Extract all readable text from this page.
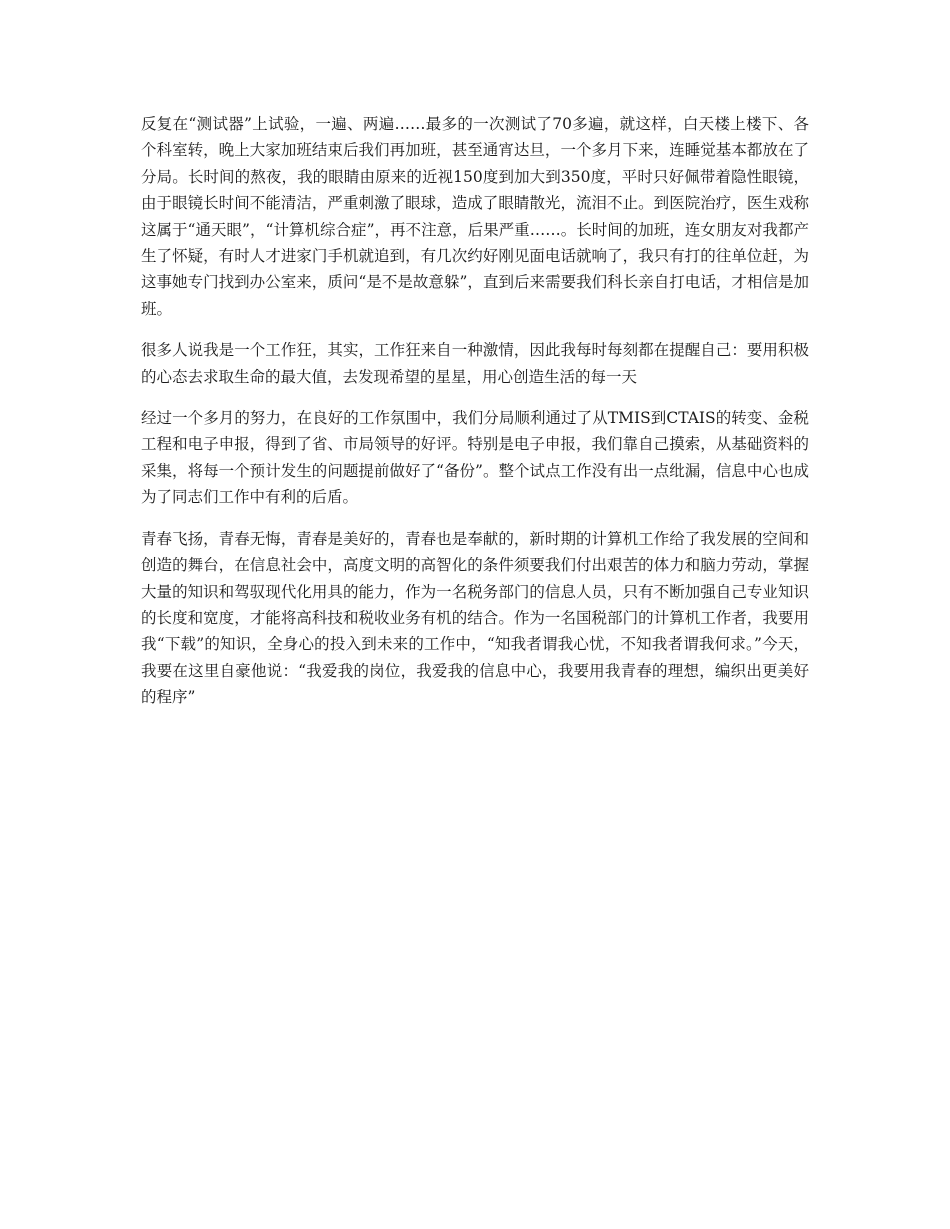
反复在“测试器”上试验，一遍、两遍……最多的一次测试了70多遍，就这样，白天楼上楼下、各个科室转，晚上大家加班结束后我们再加班，甚至通宵达旦，一个多月下来，连睡觉基本都放在了分局。长时间的熬夜，我的眼睛由原来的近视150度到加大到350度，平时只好佩带着隐性眼镜，由于眼镜长时间不能清洁，严重刺激了眼球，造成了眼睛散光，流泪不止。到医院治疗，医生戏称这属于“通天眼”，“计算机综合症”，再不注意，后果严重……。长时间的加班，连女朋友对我都产生了怀疑，有时人才进家门手机就追到，有几次约好刚见面电话就响了，我只有打的往单位赶，为这事她专门找到办公室来，质问“是不是故意躲”，直到后来需要我们科长亲自打电话，才相信是加班。

很多人说我是一个工作狂，其实，工作狂来自一种激情，因此我每时每刻都在提醒自己：要用积极的心态去求取生命的最大值，去发现希望的星星，用心创造生活的每一天

经过一个多月的努力，在良好的工作氛围中，我们分局顺利通过了从TMIS到CTAIS的转变、金税工程和电子申报，得到了省、市局领导的好评。特别是电子申报，我们靠自己摸索，从基础资料的采集，将每一个预计发生的问题提前做好了“备份”。整个试点工作没有出一点纰漏，信息中心也成为了同志们工作中有利的后盾。

青春飞扬，青春无悔，青春是美好的，青春也是奉献的，新时期的计算机工作给了我发展的空间和创造的舞台，在信息社会中，高度文明的高智化的条件须要我们付出艰苦的体力和脑力劳动，掌握大量的知识和驾驭现代化用具的能力，作为一名税务部门的信息人员，只有不断加强自己专业知识的长度和宽度，才能将高科技和税收业务有机的结合。作为一名国税部门的计算机工作者，我要用我“下载”的知识，全身心的投入到未来的工作中，“知我者谓我心忧，不知我者谓我何求。”今天，我要在这里自豪他说：“我爱我的岗位，我爱我的信息中心，我要用我青春的理想，编织出更美好的程序”
